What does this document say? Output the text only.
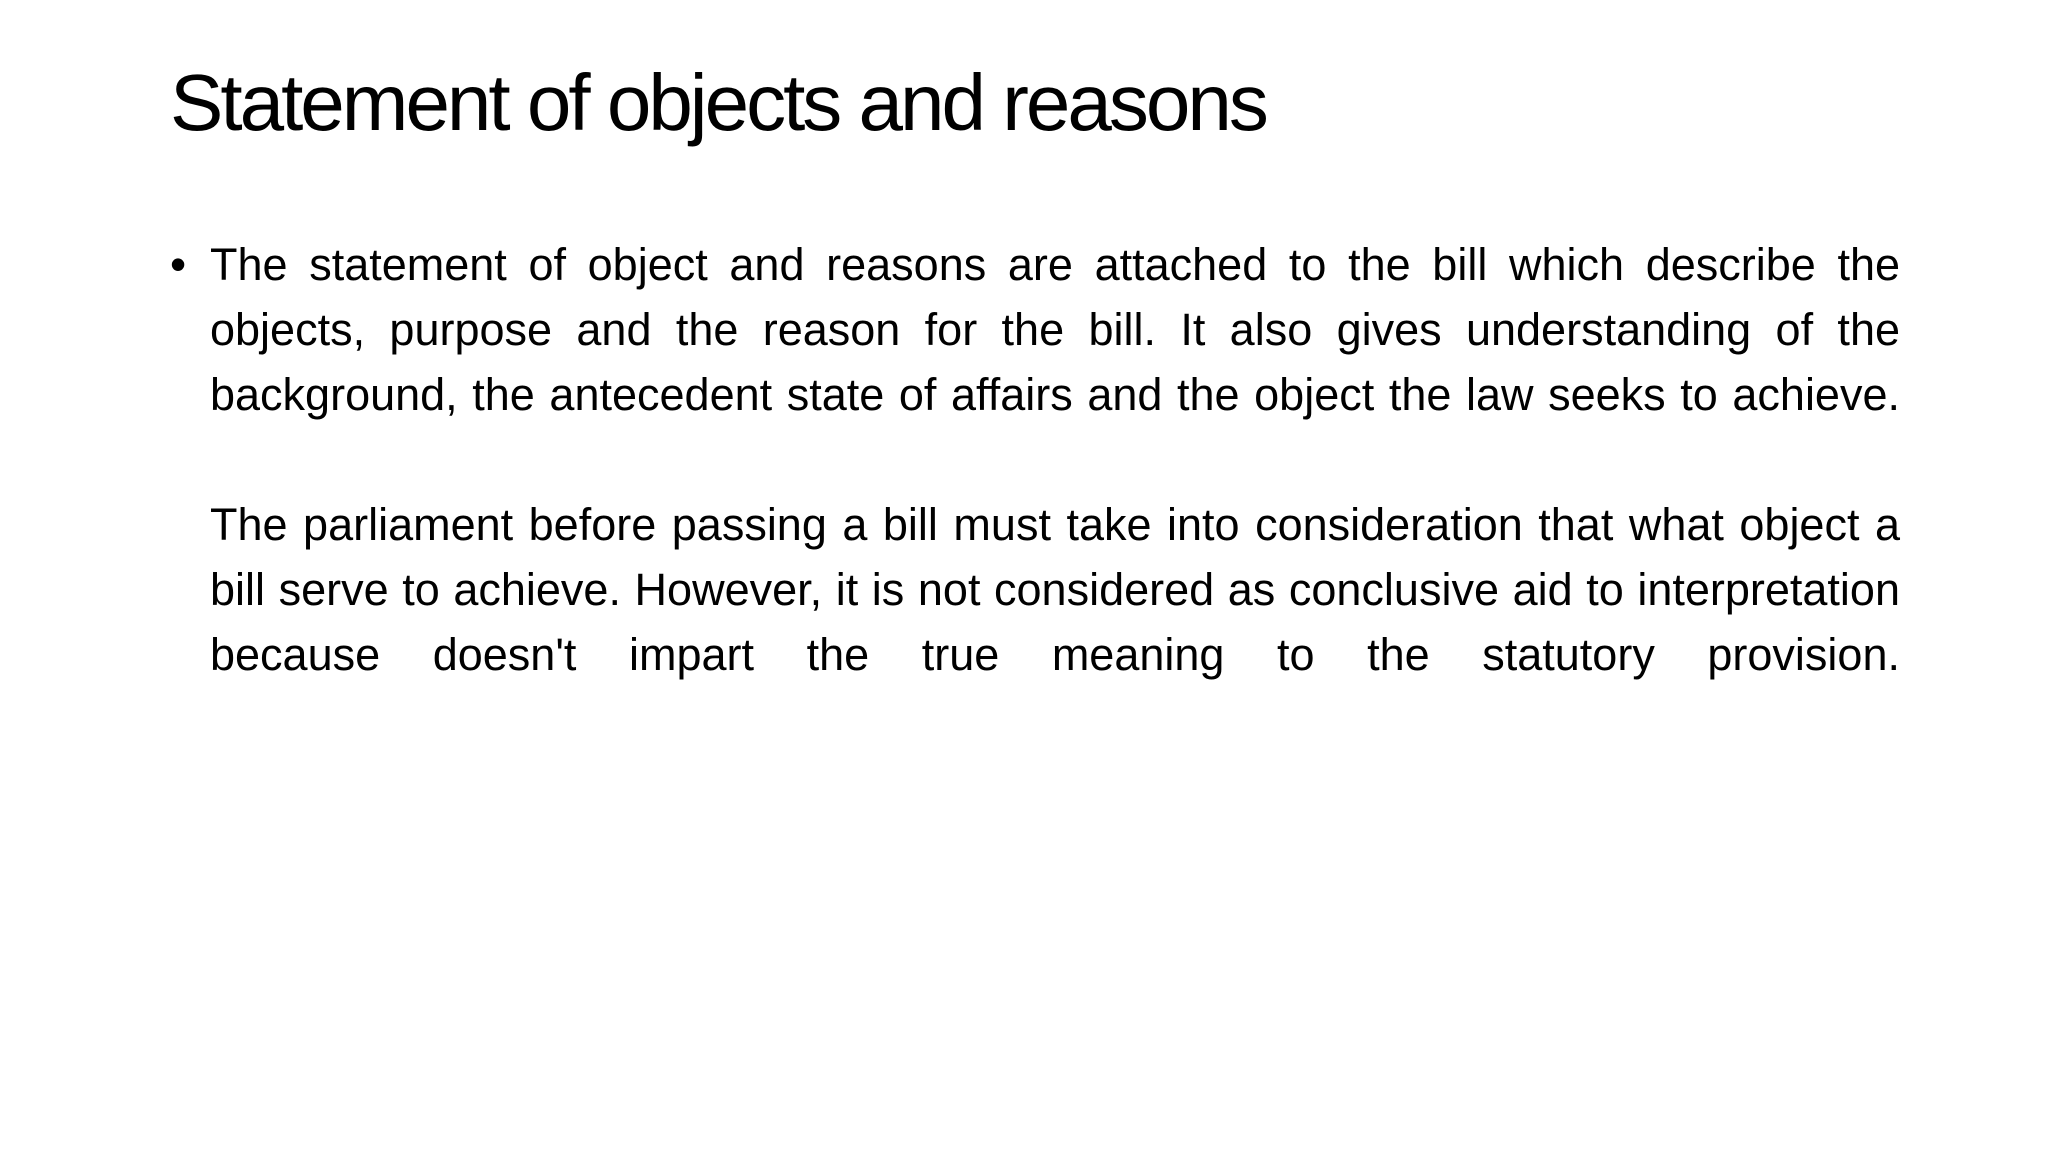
Statement of objects and reasons
• The statement of object and reasons are attached to the bill which describe the objects, purpose and the reason for the bill. It also gives understanding of the background, the antecedent state of affairs and the object the law seeks to achieve.

The parliament before passing a bill must take into consideration that what object a bill serve to achieve. However, it is not considered as conclusive aid to interpretation because doesn't impart the true meaning to the statutory provision.
